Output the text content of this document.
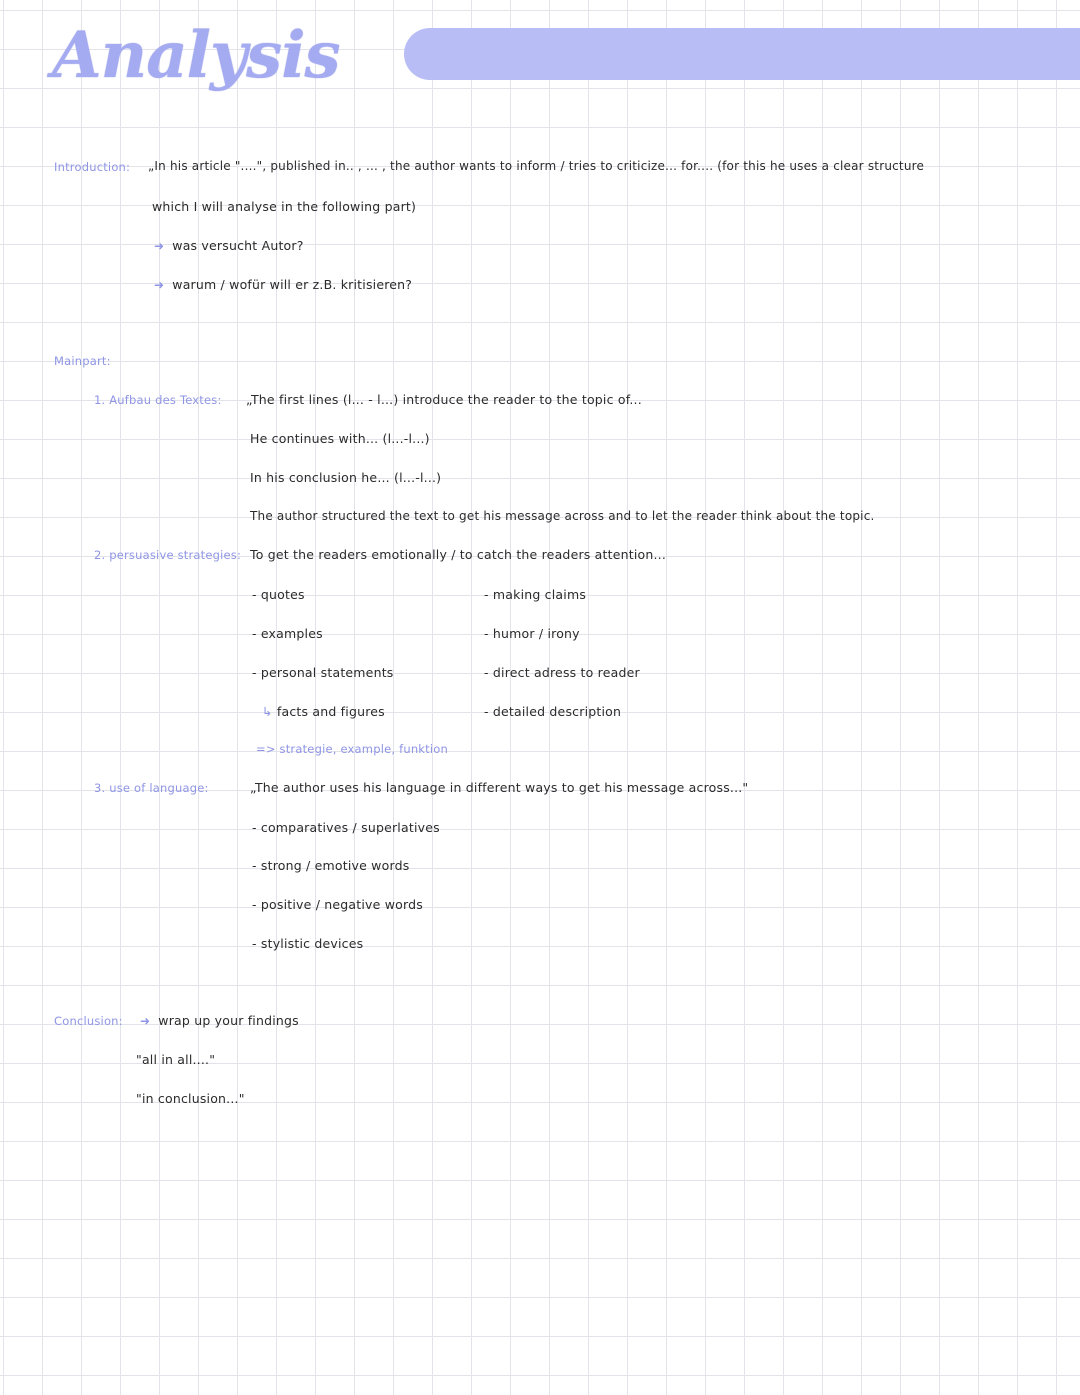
Analysis
Introduction: „In his article "....", published in.. , ... , the author wants to inform / tries to criticize... for.... (for this he uses a clear structure
which I will analyse in the following part)
➜ was versucht Autor?
➜ warum / wofür will er z.B. kritisieren?
Mainpart:
1. Aufbau des Textes: „The first lines (l... - l...) introduce the reader to the topic of...
He continues with... (l...-l...)
In his conclusion he... (l...-l...)
The author structured the text to get his message across and to let the reader think about the topic.
2. persuasive strategies: To get the readers emotionally / to catch the readers attention...
- quotes
- examples
- personal statements
↳ facts and figures
- making claims
- humor / irony
- direct adress to reader
- detailed description
=> strategie, example, funktion
3. use of language:	„The author uses his language in different ways to get his message across..."
- comparatives / superlatives
- strong / emotive words
- positive / negative words
- stylistic devices
Conclusion: ➜ wrap up your findings
"all in all...."
"in conclusion..."
